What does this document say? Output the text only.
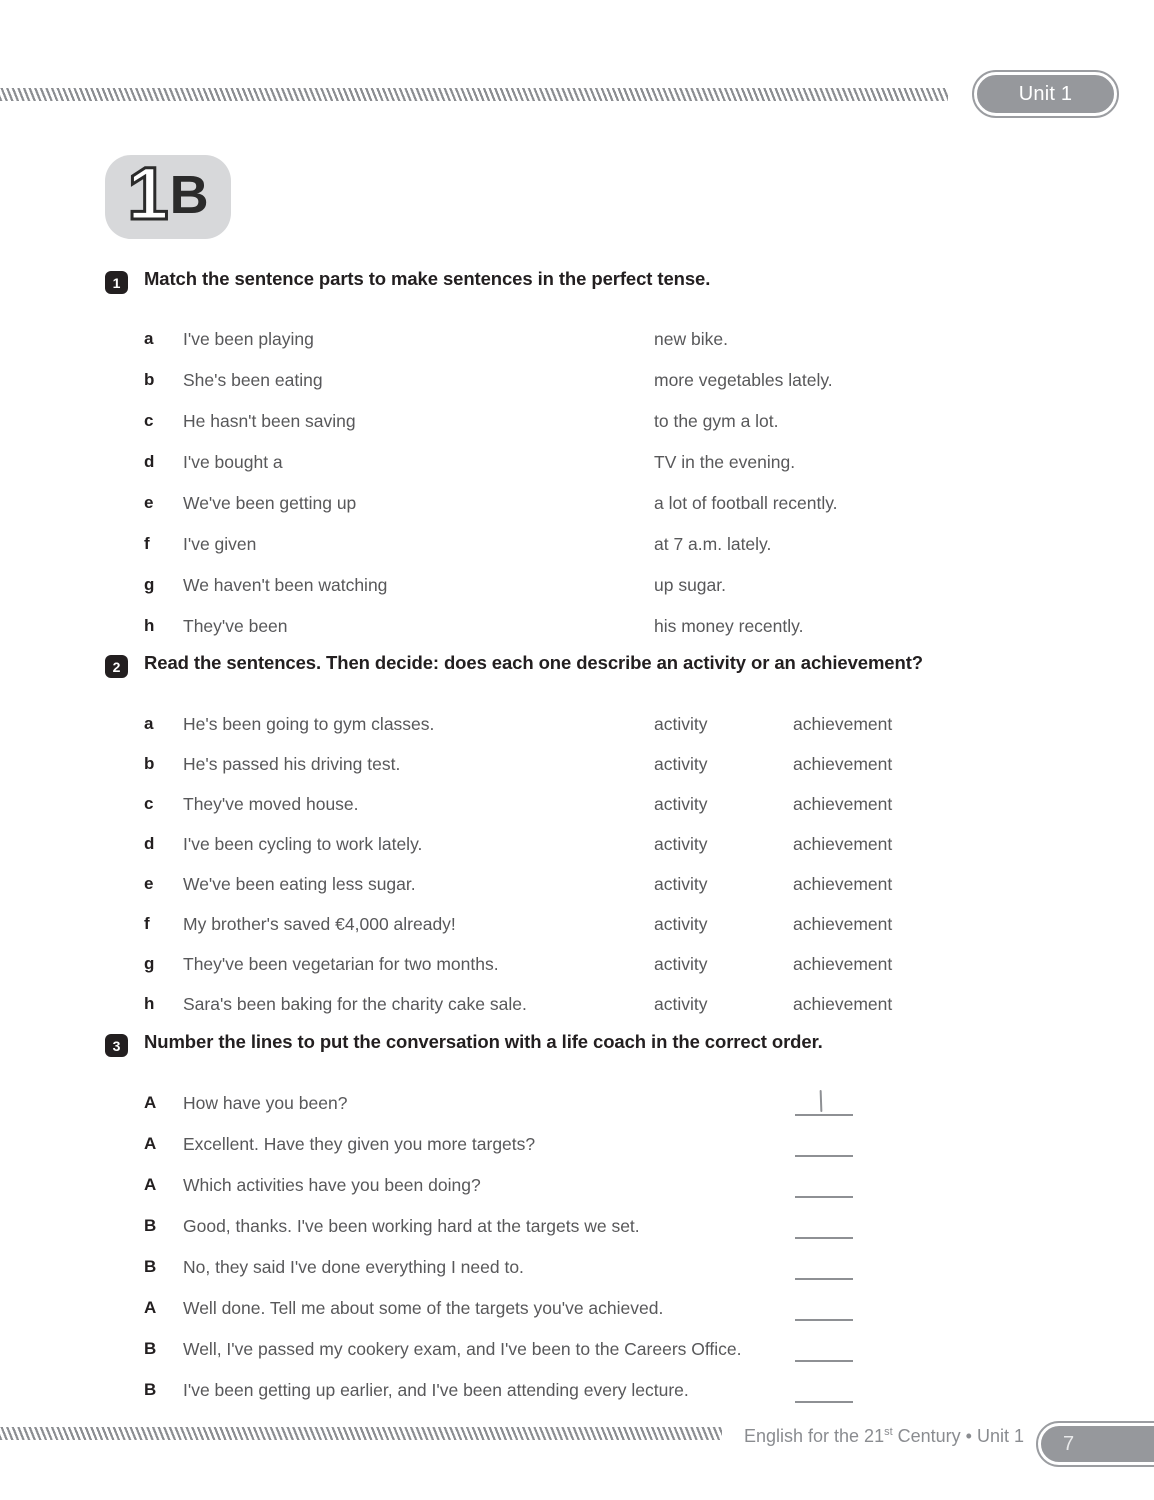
Unit 1
1 B
1	Match the sentence parts to make sentences in the perfect tense.
a I've been playing	new bike.
b She's been eating	more vegetables lately.
c He hasn't been saving	to the gym a lot.
d I've bought a	TV in the evening.
e We've been getting up	a lot of football recently.
f I've given	at 7 a.m. lately.
g We haven't been watching	up sugar.
h They've been	his money recently.
2	Read the sentences. Then decide: does each one describe an activity or an achievement?
a He's been going to gym classes.	activity	achievement
b He's passed his driving test.	activity	achievement
c They've moved house.	activity	achievement
d I've been cycling to work lately.	activity	achievement
e We've been eating less sugar.	activity	achievement
f My brother's saved €4,000 already!	activity	achievement
g They've been vegetarian for two months.	activity	achievement
h Sara's been baking for the charity cake sale.	activity	achievement
3	Number the lines to put the conversation with a life coach in the correct order.
A How have you been?
A Excellent. Have they given you more targets?
A Which activities have you been doing?
B Good, thanks. I've been working hard at the targets we set.
B No, they said I've done everything I need to.
A Well done. Tell me about some of the targets you've achieved.
B Well, I've passed my cookery exam, and I've been to the Careers Office.
B I've been getting up earlier, and I've been attending every lecture.
English for the 21st Century • Unit 1	7
